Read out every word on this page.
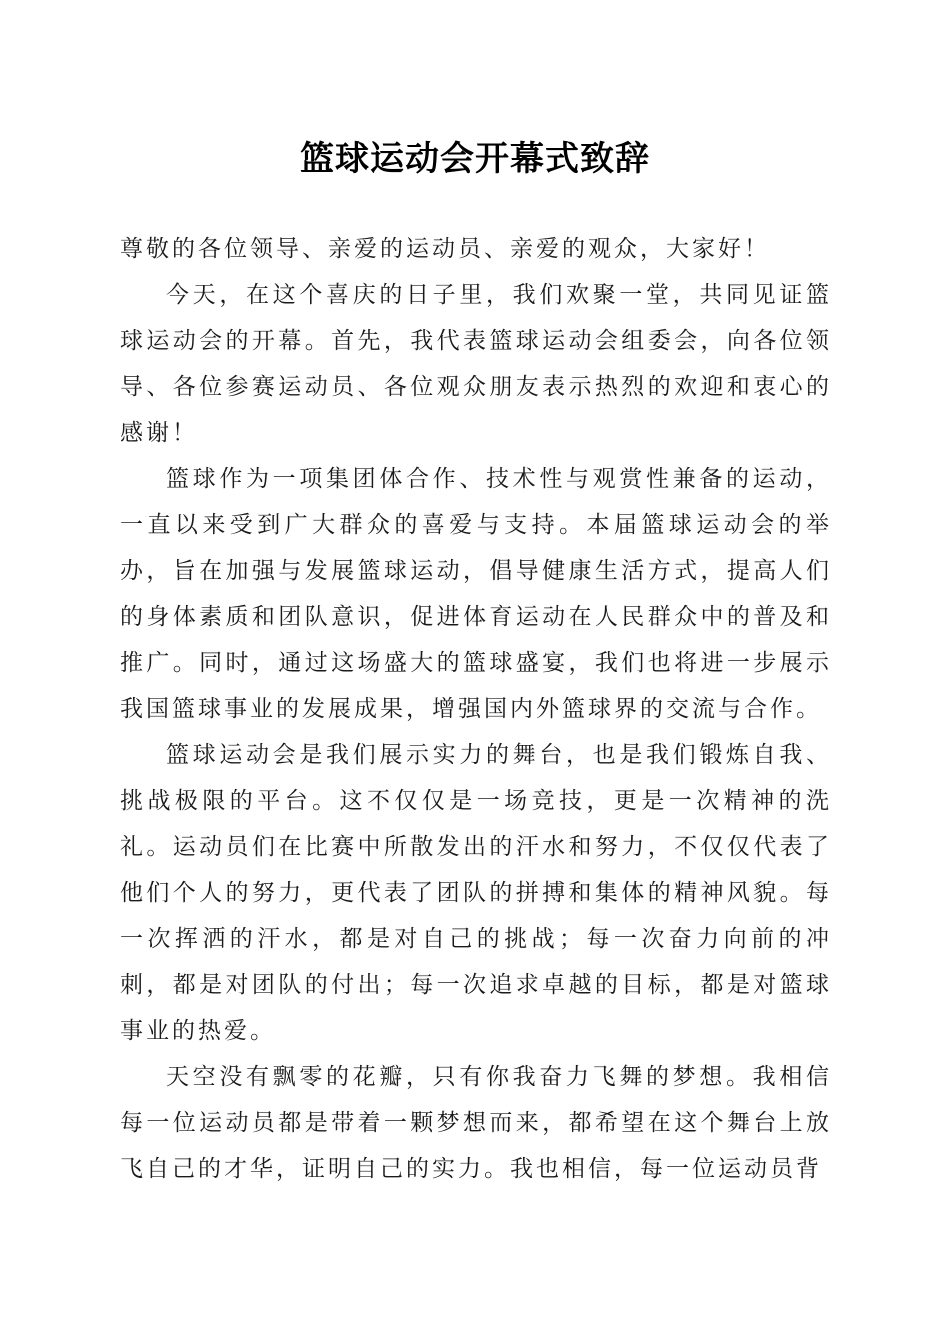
篮球运动会开幕式致辞

尊敬的各位领导、亲爱的运动员、亲爱的观众，大家好！

今天，在这个喜庆的日子里，我们欢聚一堂，共同见证篮球运动会的开幕。首先，我代表篮球运动会组委会，向各位领导、各位参赛运动员、各位观众朋友表示热烈的欢迎和衷心的感谢！

篮球作为一项集团体合作、技术性与观赏性兼备的运动，一直以来受到广大群众的喜爱与支持。本届篮球运动会的举办，旨在加强与发展篮球运动，倡导健康生活方式，提高人们的身体素质和团队意识，促进体育运动在人民群众中的普及和推广。同时，通过这场盛大的篮球盛宴，我们也将进一步展示我国篮球事业的发展成果，增强国内外篮球界的交流与合作。

篮球运动会是我们展示实力的舞台，也是我们锻炼自我、挑战极限的平台。这不仅仅是一场竞技，更是一次精神的洗礼。运动员们在比赛中所散发出的汗水和努力，不仅仅代表了他们个人的努力，更代表了团队的拼搏和集体的精神风貌。每一次挥洒的汗水，都是对自己的挑战；每一次奋力向前的冲刺，都是对团队的付出；每一次追求卓越的目标，都是对篮球事业的热爱。

天空没有飘零的花瓣，只有你我奋力飞舞的梦想。我相信每一位运动员都是带着一颗梦想而来，都希望在这个舞台上放飞自己的才华，证明自己的实力。我也相信，每一位运动员背
